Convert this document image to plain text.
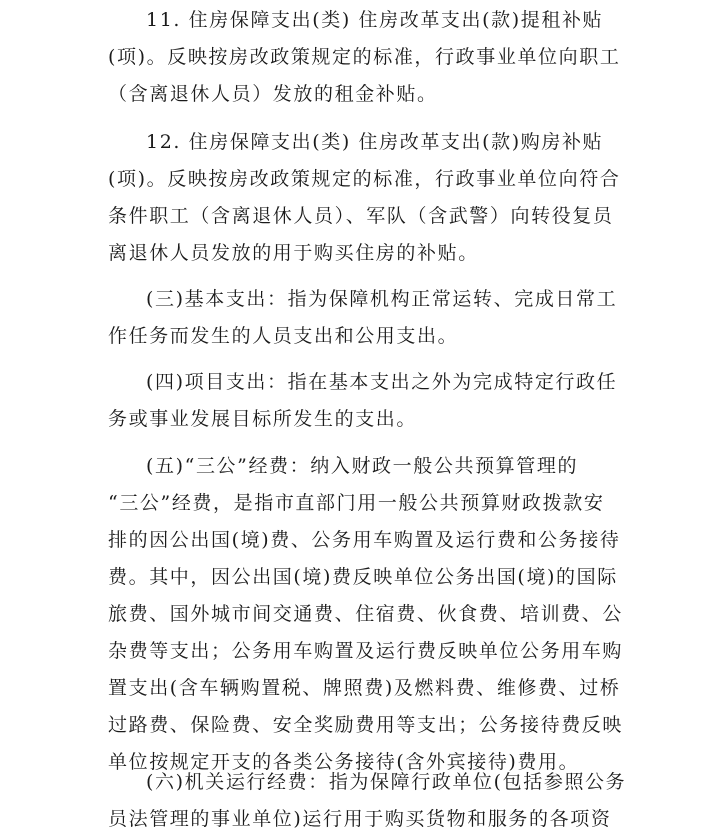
11. 住房保障支出(类) 住房改革支出(款)提租补贴
(项)。反映按房改政策规定的标准，行政事业单位向职工
（含离退休人员）发放的租金补贴。
12. 住房保障支出(类) 住房改革支出(款)购房补贴
(项)。反映按房改政策规定的标准，行政事业单位向符合
条件职工（含离退休人员）、军队（含武警）向转役复员
离退休人员发放的用于购买住房的补贴。
(三)基本支出：指为保障机构正常运转、完成日常工
作任务而发生的人员支出和公用支出。
(四)项目支出：指在基本支出之外为完成特定行政任
务或事业发展目标所发生的支出。
(五)“三公”经费：纳入财政一般公共预算管理的
“三公”经费，是指市直部门用一般公共预算财政拨款安
排的因公出国(境)费、公务用车购置及运行费和公务接待
费。其中，因公出国(境)费反映单位公务出国(境)的国际
旅费、国外城市间交通费、住宿费、伙食费、培训费、公
杂费等支出；公务用车购置及运行费反映单位公务用车购
置支出(含车辆购置税、牌照费)及燃料费、维修费、过桥
过路费、保险费、安全奖励费用等支出；公务接待费反映
单位按规定开支的各类公务接待(含外宾接待)费用。
(六)机关运行经费：指为保障行政单位(包括参照公务
员法管理的事业单位)运行用于购买货物和服务的各项资
